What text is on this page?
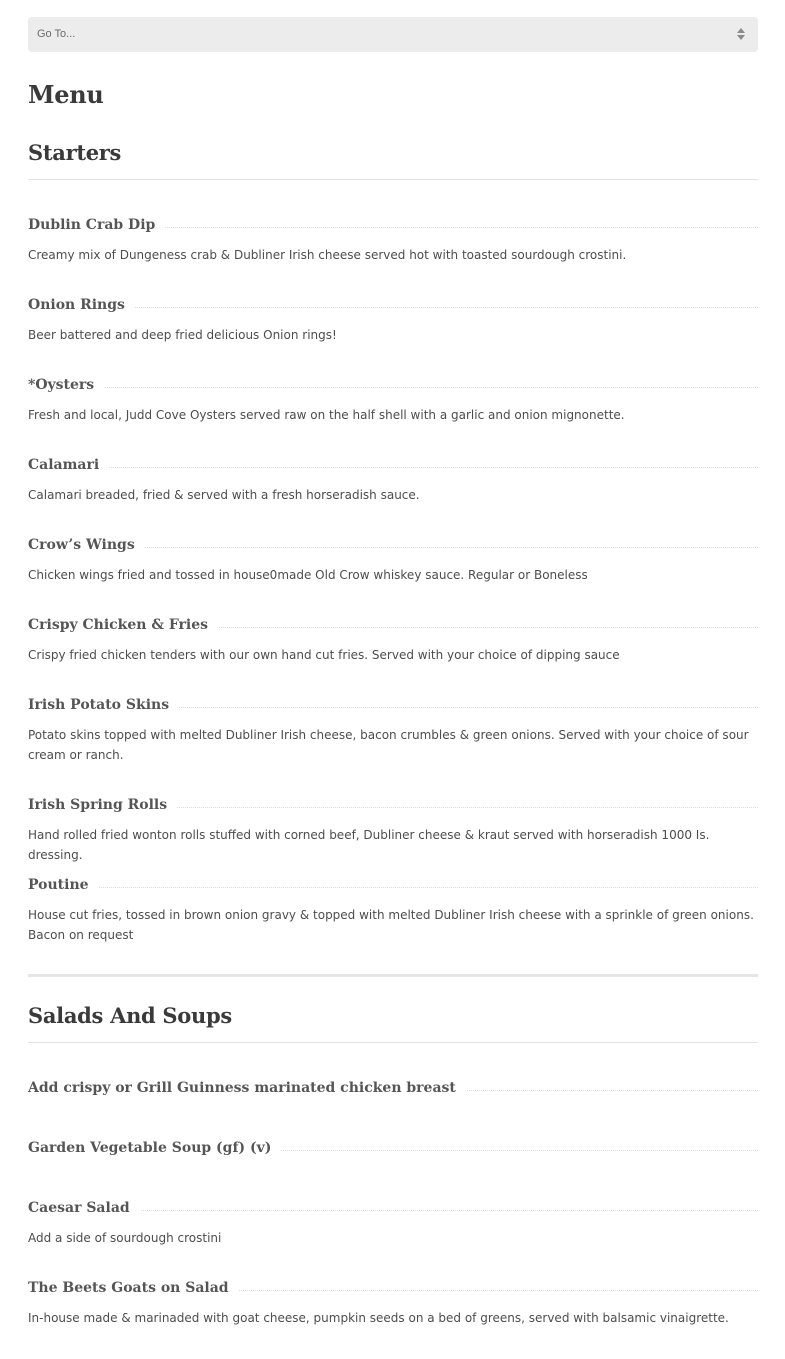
Go To...
Menu
Starters
Dublin Crab Dip
Creamy mix of Dungeness crab & Dubliner Irish cheese served hot with toasted sourdough crostini.
Onion Rings
Beer battered and deep fried delicious Onion rings!
*Oysters
Fresh and local, Judd Cove Oysters served raw on the half shell with a garlic and onion mignonette.
Calamari
Calamari breaded, fried & served with a fresh horseradish sauce.
Crow’s Wings
Chicken wings fried and tossed in house0made Old Crow whiskey sauce. Regular or Boneless
Crispy Chicken & Fries
Crispy fried chicken tenders with our own hand cut fries. Served with your choice of dipping sauce
Irish Potato Skins
Potato skins topped with melted Dubliner Irish cheese, bacon crumbles & green onions. Served with your choice of sour cream or ranch.
Irish Spring Rolls
Hand rolled fried wonton rolls stuffed with corned beef, Dubliner cheese & kraut served with horseradish 1000 Is. dressing.
Poutine
House cut fries, tossed in brown onion gravy & topped with melted Dubliner Irish cheese with a sprinkle of green onions. Bacon on request
Salads And Soups
Add crispy or Grill Guinness marinated chicken breast
Garden Vegetable Soup (gf) (v)
Caesar Salad
Add a side of sourdough crostini
The Beets Goats on Salad
In-house made & marinaded with goat cheese, pumpkin seeds on a bed of greens, served with balsamic vinaigrette.
